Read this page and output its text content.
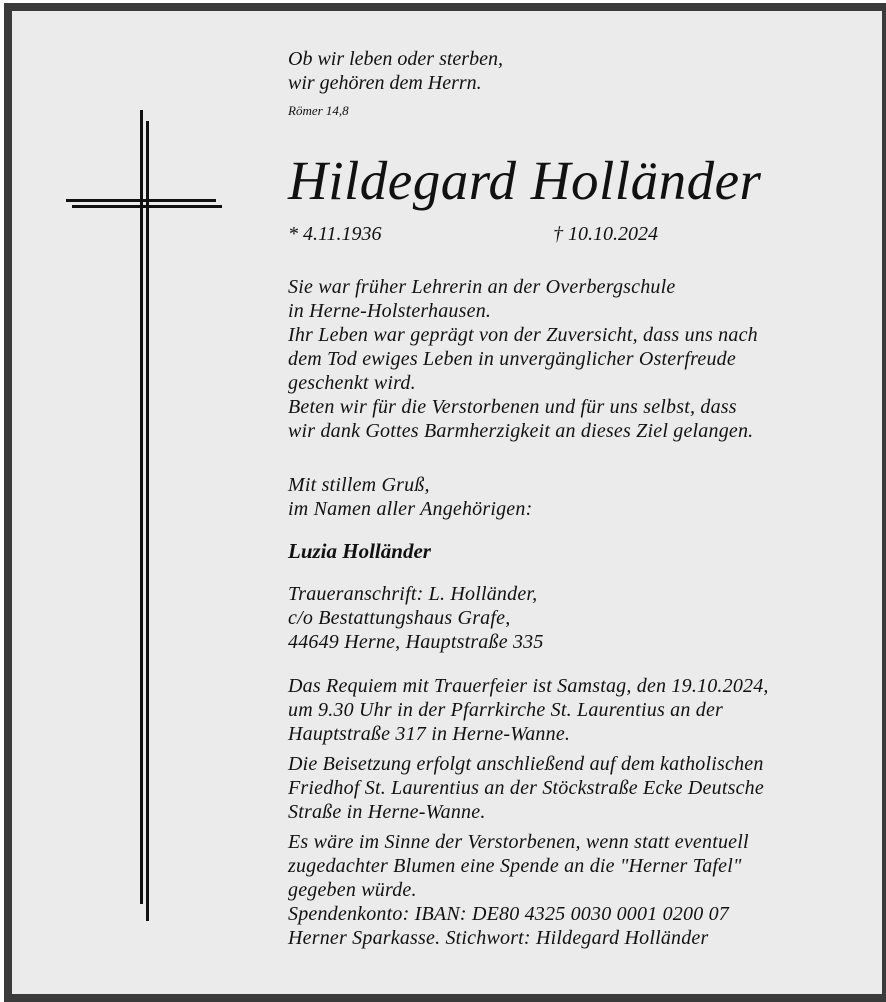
Ob wir leben oder sterben,
wir gehören dem Herrn.
Römer 14,8
Hildegard Holländer
* 4.11.1936	† 10.10.2024
Sie war früher Lehrerin an der Overbergschule
in Herne-Holsterhausen.
Ihr Leben war geprägt von der Zuversicht, dass uns nach
dem Tod ewiges Leben in unvergänglicher Osterfreude
geschenkt wird.
Beten wir für die Verstorbenen und für uns selbst, dass
wir dank Gottes Barmherzigkeit an dieses Ziel gelangen.
Mit stillem Gruß,
im Namen aller Angehörigen:
Luzia Holländer
Traueranschrift: L. Holländer,
c/o Bestattungshaus Grafe,
44649 Herne, Hauptstraße 335
Das Requiem mit Trauerfeier ist Samstag, den 19.10.2024,
um 9.30 Uhr in der Pfarrkirche St. Laurentius an der
Hauptstraße 317 in Herne-Wanne.
Die Beisetzung erfolgt anschließend auf dem katholischen
Friedhof St. Laurentius an der Stöckstraße Ecke Deutsche
Straße in Herne-Wanne.
Es wäre im Sinne der Verstorbenen, wenn statt eventuell
zugedachter Blumen eine Spende an die "Herner Tafel"
gegeben würde.
Spendenkonto: IBAN: DE80 4325 0030 0001 0200 07
Herner Sparkasse. Stichwort: Hildegard Holländer
